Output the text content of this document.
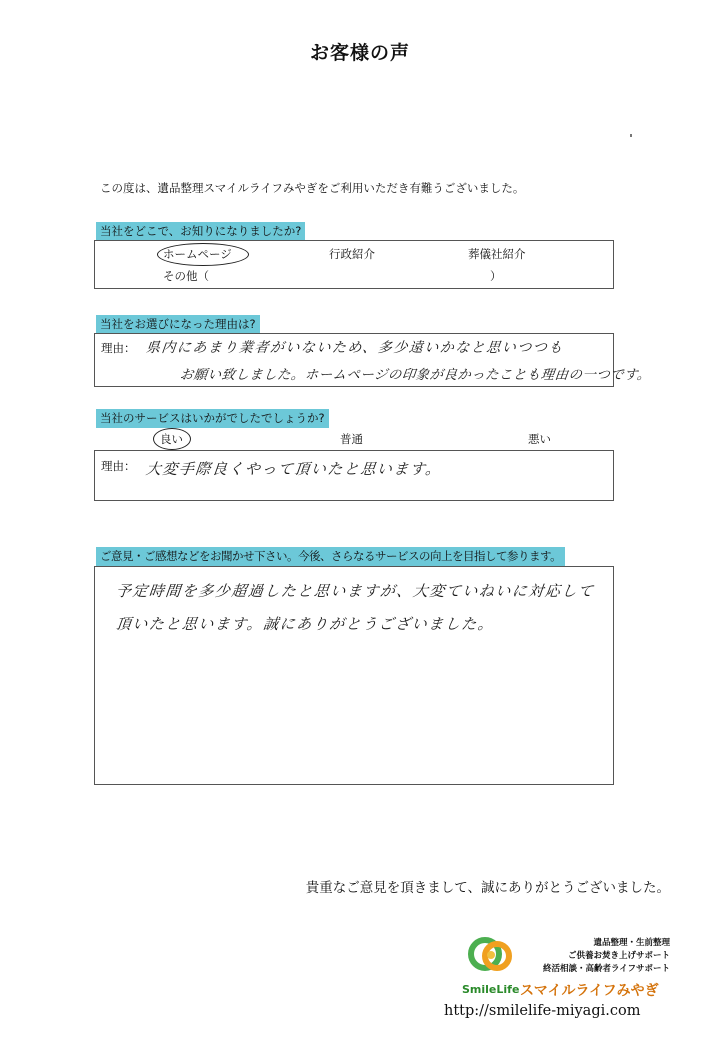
お客様の声
この度は、遺品整理スマイルライフみやぎをご利用いただき有難うございました。
当社をどこで、お知りになりましたか?
ホームページ	行政紹介	葬儀社紹介
その他（	）
当社をお選びになった理由は?
理由： 県内にあまり業者がいないため、多少遠いかなと思いつつも
お願い致しました。ホームページの印象が良かったことも理由の一つです。
当社のサービスはいかがでしたでしょうか?
良い	普通	悪い
理由： 大変手際良くやって頂いたと思います。
ご意見・ご感想などをお聞かせ下さい。今後、さらなるサービスの向上を目指して参ります。
予定時間を多少超過したと思いますが、大変ていねいに対応して
頂いたと思います。誠にありがとうございました。
貴重なご意見を頂きまして、誠にありがとうございました。
SmileLife スマイルライフみやぎ
遺品整理・生前整理
ご供養お焚き上げサポート
終活相談・高齢者ライフサポート
http://smilelife-miyagi.com
